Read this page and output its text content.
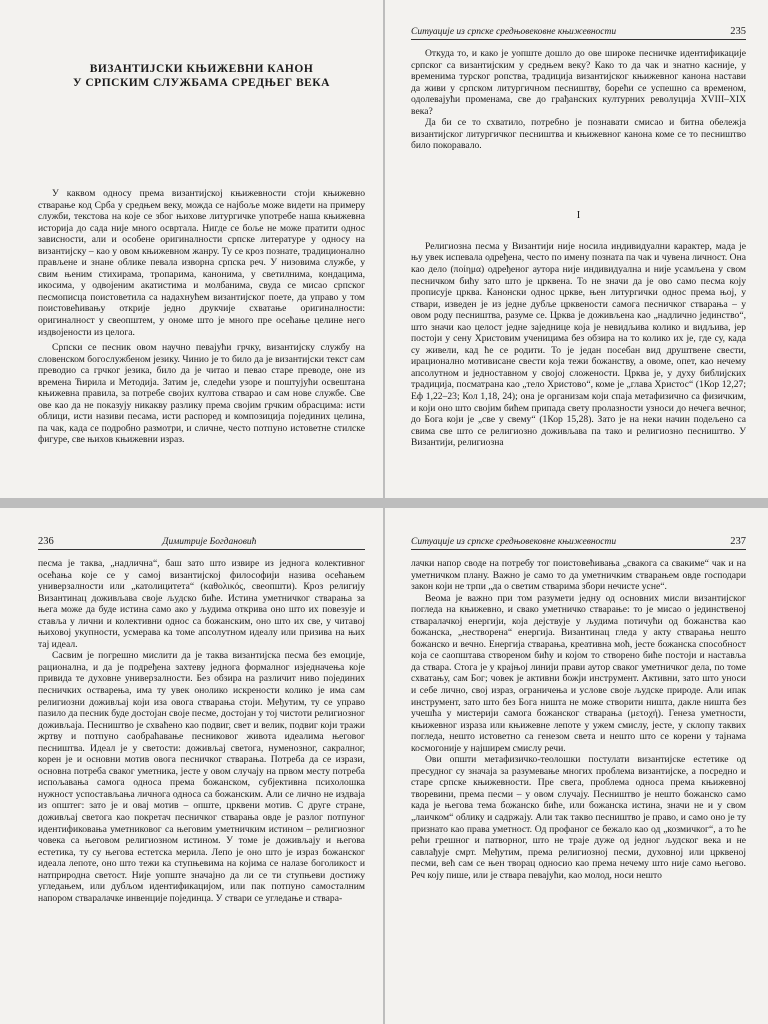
ВИЗАНТИЈСКИ КЊИЖЕВНИ КАНОН
У СРПСКИМ СЛУЖБАМА СРЕДЊЕГ ВЕКА

У каквом односу према византијској књижевности стоји књижевно стварање код Срба у средњем веку, можда се најбоље може видети на примеру служби, текстова на које се због њихове литургичке употребе наша књижевна историја до сада није много освртала. Нигде се боље не може пратити однос зависности, али и особене оригиналности српске литературе у односу на византијску – као у овом књижевном жанру. Ту се кроз познате, традиционално прављене и знане облике певала изворна српска реч. У низовима службе, у свим њеним стихирама, тропарима, канонима, у светилнима, кондацима, икосима, у одвојеним акатистима и молбанима, свуда се мисао српског песмописца поистоветила са надахнућем византијског поете, да управо у том поистовећивању открије једно друкчије схватање оригиналности: оригиналност у свеопштем, у ономе што је много пре осећање целине него издвојености из целога.

Српски се песник овом научно певајући грчку, византијску службу на словенском богослужбеном језику. Чинио је то било да је византијски текст сам преводио са грчког језика, било да је читао и певао старе преводе, оне из времена Ћирила и Методија. Затим је, следећи узоре и поштујући освештана књижевна правила, за потребе својих култова стварао и сам нове службе. Све ове као да не показују никакву разлику према својим грчким обрасцима: исти облици, исти називи песама, исти распоред и композиција појединих целина, па чак, када се подробно размотри, и сличне, често потпуно истоветне стилске фигуре, све њихов књижевни израз.

Ситуације из српске средњовековне књижевности	235

Откуда то, и како је уопште дошло до ове широке песничке идентификације српског са византијским у средњем веку? Како то да чак и знатно касније, у временима турског ропства, традиција византијског књижевног канона настави да живи у српском литургичном песништву, борећи се успешно са временом, одолевајући променама, све до грађанских културних револуција XVIII–XIX века?

Да би се то схватило, потребно је познавати смисао и битна обележја византијског литургичког песништва и књижевног канона коме се то песништво било покоравало.

I

Религиозна песма у Византији није носила индивидуални карактер, мада је њу увек испевала одређена, често по имену позната па чак и чувена личност. Она као дело (ποίημα) одређеног аутора није индивидуална и није усамљена у свом песничком бићу зато што је црквена. То не значи да је ово само песма коју прописује црква. Канонски однос цркве, њен литургички однос према њој, у ствари, изведен је из једне дубље црквености самога песничког стварања – у овом роду песништва, разуме се. Црква је доживљена као „надлично јединство“, што значи као целост једне заједнице која је невидљива колико и видљива, јер постоји у сену Христовим ученицима без обзира на то колико их је, где су, када су живели, кад ће се родити. То је један посебан вид друштвене свести, ирационално мотивисане свести која тежи божанству, а овоме, опет, као нечему апсолутном и једноставном у својој сложености. Црква је, у духу библијских традиција, посматрана као „тело Христово“, коме је „глава Христос“ (1Кор 12,27; Еф 1,22–23; Кол 1,18, 24); она је организам који спаја метафизично са физичким, и који оно што својим бићем припада свету пролазности узноси до нечега вечног, до Бога који је „све у свему“ (1Кор 15,28). Зато је на неки начин подељено са свима све што се религиозно доживљава па тако и религиозно песништво. У Византији, религиозна

236	Димитрије Богдановић

песма је таква, „надлична“, баш зато што извире из једнога колективног осећања које се у самој византијској философији назива осећањем универзалности или „католицитета“ (καθολικός, свеопшти). Кроз религију Византинац доживљава своје људско биће. Истина уметничког стварања за њега може да буде истина само ако у људима открива оно што их повезује и ставља у лични и колективни однос са божанским, оно што их све, у читавој њиховој укупности, усмерава ка томе апсолутном идеалу или призива на њих тај идеал.

Сасвим је погрешно мислити да је таква византијска песма без емоције, рационална, и да је подређена захтеву једнога формалног изједначења које привида те духовне универзалности. Без обзира на различит ниво појединих песничких остварења, има ту увек онолико искрености колико је има сам религиозни доживљај који иза овога стварања стоји. Међутим, ту се управо пазило да песник буде достојан своје песме, достојан у тој чистоти религиозног доживљаја. Песништво је схваћено као подвиг, свет и велик, подвиг који тражи жртву и потпуно саобраћавање песниковог живота идеалима његовог песништва. Идеал је у светости: доживљај светога, нуменозног, сакралног, корен је и основни мотив овога песничког стварања. Потреба да се изрази, основна потреба сваког уметника, јесте у овом случају на првом месту потреба испољавања самога односа према божанском, субјективна психолошка нужност успостављања личнога односа са божанским. Али се лично не издваја из општег: зато је и овај мотив – опште, црквени мотив. С друге стране, доживљај светога као покретач песничког стварања овде је разлог потпуног идентификовања уметниковог са његовим уметничким истином – религиозног човека са његовом религиозном истином. У томе је доживљају и његова естетика, ту су његова естетска мерила. Лепо је оно што је израз божанског идеала лепоте, оно што тежи ка ступњевима на којима се налазе боголикост и натприродна светост. Није уопште значајно да ли се ти ступњеви достижу угледањем, или дубљом идентификацијом, или пак потпуно самосталним напором стваралачке инвенције појединца. У ствари се угледање и ствара-

Ситуације из српске средњовековне књижевности	237

лачки напор своде на потребу тог поистовећивања „свакога са свакиме“ чак и на уметничком плану. Важно је само то да уметничким стварањем овде господари закон који не трпи „да о светим стварима збори нечисте усне“.

Веома је важно при том разумети једну од основних мисли византијског погледа на књижевно, и свако уметничко стварање: то је мисао о јединственој стваралачкој енергији, која дејствује у људима потичући од божанства као божанска, „нестворена“ енергија. Византинац гледа у акту стварања нешто божанско и вечно. Енергија стварања, креативна моћ, јесте божанска способност која се саопштава створеном бићу и којом то створено биће постоји и наставља да ствара. Стога је у крајњој линији прави аутор сваког уметничког дела, по томе схватању, сам Бог; човек је активни божји инструмент. Активни, зато што уноси и себе лично, свој израз, ограничења и услове своје људске природе. Али ипак инструмент, зато што без Бога ништа не може створити ништа, дакле ништа без учешћа у мистерији самога божанског стварања (μετοχή). Генеза уметности, књижевног израза или књижевне лепоте у ужем смислу, јесте, у склопу таквих погледа, нешто истоветно са генезом света и нешто што се корени у тајнама космогоније у најширем смислу речи.

Ови општи метафизичко-теолошки постулати византијске естетике од пресудног су значаја за разумевање многих проблема византијске, а посредно и старе српске књижевности. Пре свега, проблема односа према књижевној творевини, према песми – у овом случају. Песништво је нешто божанско само када је његова тема божанско биће, или божанска истина, значи не и у свом „лаичком“ облику и садржају. Али так такво песништво је право, и само оно је ту признато као права уметност. Од профаног се бежало као од „козмичког“, а то ће рећи грешног и патворног, што не траје дуже од једног људског века и не савлађује смрт. Међутим, према религиозној песми, духовној или црквеној песми, већ сам се њен творац односио као према нечему што није само његово. Реч коју пише, или је ствара певајући, као молод, носи нешто
